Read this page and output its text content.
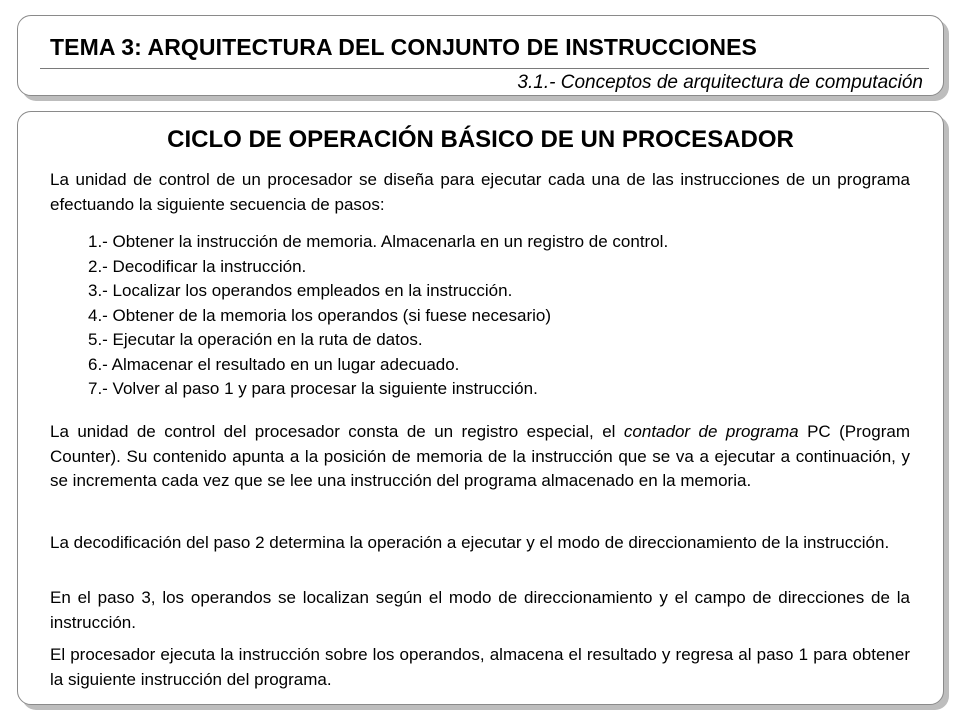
TEMA 3: ARQUITECTURA DEL CONJUNTO DE INSTRUCCIONES
3.1.- Conceptos de arquitectura de computación
CICLO DE OPERACIÓN BÁSICO DE UN PROCESADOR

La unidad de control de un procesador se diseña para ejecutar cada una de las instrucciones de un programa efectuando la siguiente secuencia de pasos:

1.- Obtener la instrucción de memoria. Almacenarla en un registro de control.
2.- Decodificar la instrucción.
3.- Localizar los operandos empleados en la instrucción.
4.- Obtener de la memoria los operandos (si fuese necesario)
5.- Ejecutar la operación en la ruta de datos.
6.- Almacenar el resultado en un lugar adecuado.
7.- Volver al paso 1 y para procesar la siguiente instrucción.

La unidad de control del procesador consta de un registro especial, el contador de programa PC (Program Counter). Su contenido apunta a la posición de memoria de la instrucción que se va a ejecutar a continuación, y se incrementa cada vez que se lee una instrucción del programa almacenado en la memoria.

La decodificación del paso 2 determina la operación a ejecutar y el modo de direccionamiento de la instrucción.

En el paso 3, los operandos se localizan según el modo de direccionamiento y el campo de direcciones de la instrucción.

El procesador ejecuta la instrucción sobre los operandos, almacena el resultado y regresa al paso 1 para obtener la siguiente instrucción del programa.
